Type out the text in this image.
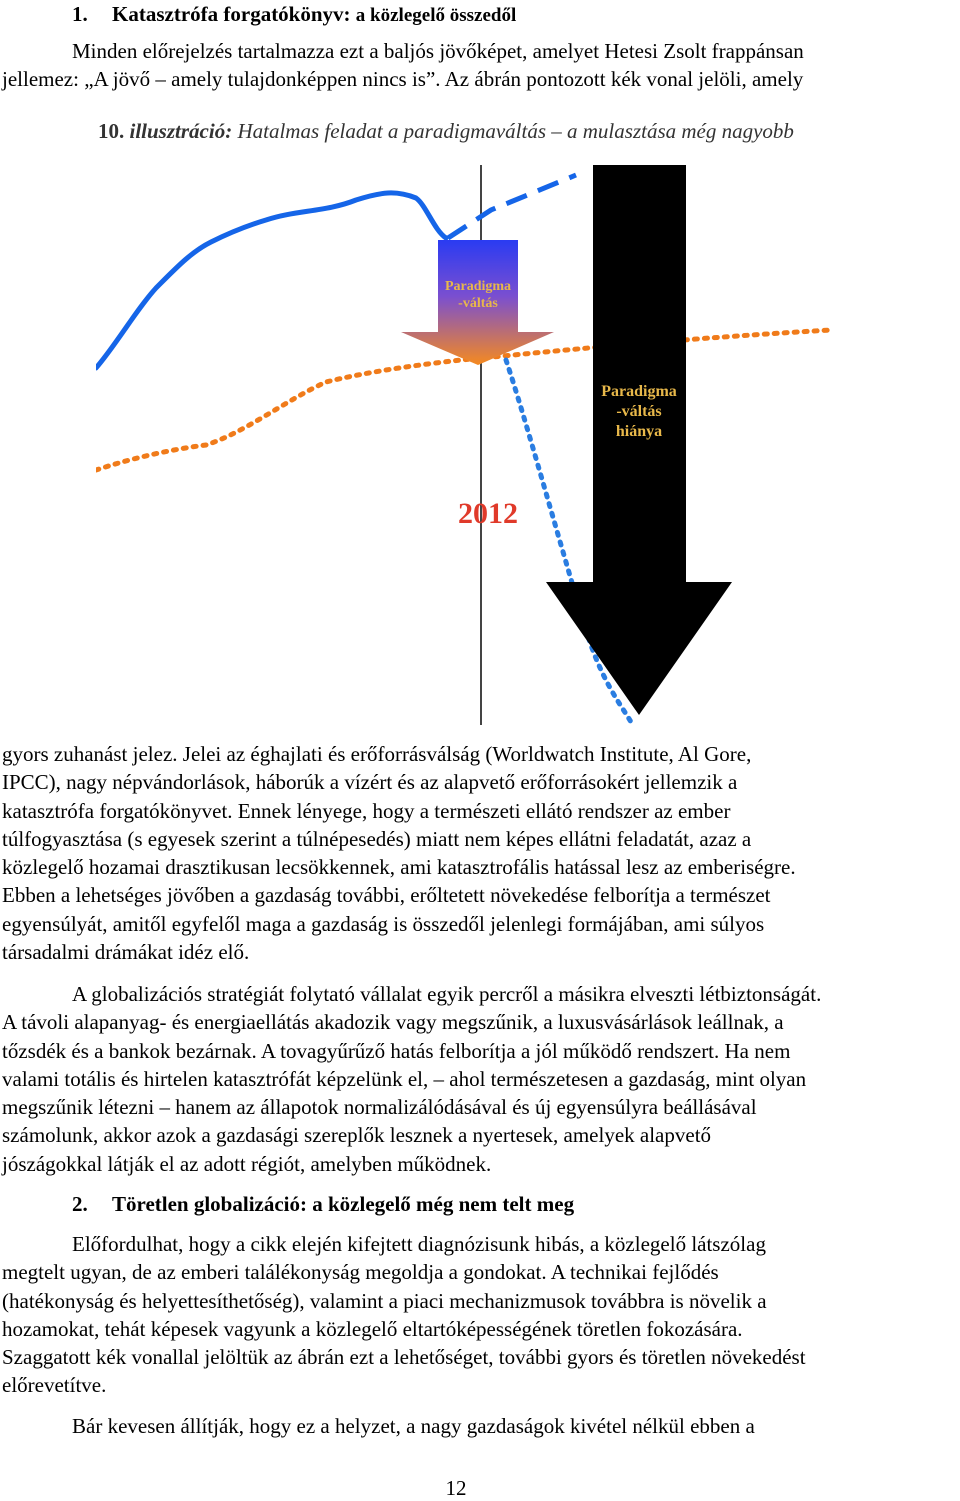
1. Katasztrófa forgatókönyv: a közlegelő összedől
Minden előrejelzés tartalmazza ezt a baljós jövőképet, amelyet Hetesi Zsolt frappánsan
jellemez: „A jövő – amely tulajdonképpen nincs is”. Az ábrán pontozott kék vonal jelöli, amely
10. illusztráció: Hatalmas feladat a paradigmaváltás – a mulasztása még nagyobb
Paradigma
-váltás
Paradigma
-váltás
hiánya
2012
gyors zuhanást jelez. Jelei az éghajlati és erőforrásválság (Worldwatch Institute, Al Gore,
IPCC), nagy népvándorlások, háborúk a vízért és az alapvető erőforrásokért jellemzik a
katasztrófa forgatókönyvet. Ennek lényege, hogy a természeti ellátó rendszer az ember
túlfogyasztása (s egyesek szerint a túlnépesedés) miatt nem képes ellátni feladatát, azaz a
közlegelő hozamai drasztikusan lecsökkennek, ami katasztrofális hatással lesz az emberiségre.
Ebben a lehetséges jövőben a gazdaság további, erőltetett növekedése felborítja a természet
egyensúlyát, amitől egyfelől maga a gazdaság is összedől jelenlegi formájában, ami súlyos
társadalmi drámákat idéz elő.
A globalizációs stratégiát folytató vállalat egyik percről a másikra elveszti létbiztonságát.
A távoli alapanyag- és energiaellátás akadozik vagy megszűnik, a luxusvásárlások leállnak, a
tőzsdék és a bankok bezárnak. A tovagyűrűző hatás felborítja a jól működő rendszert. Ha nem
valami totális és hirtelen katasztrófát képzelünk el, – ahol természetesen a gazdaság, mint olyan
megszűnik létezni – hanem az állapotok normalizálódásával és új egyensúlyra beállásával
számolunk, akkor azok a gazdasági szereplők lesznek a nyertesek, amelyek alapvető
jószágokkal látják el az adott régiót, amelyben működnek.
2. Töretlen globalizáció: a közlegelő még nem telt meg
Előfordulhat, hogy a cikk elején kifejtett diagnózisunk hibás, a közlegelő látszólag
megtelt ugyan, de az emberi találékonyság megoldja a gondokat. A technikai fejlődés
(hatékonyság és helyettesíthetőség), valamint a piaci mechanizmusok továbbra is növelik a
hozamokat, tehát képesek vagyunk a közlegelő eltartóképességének töretlen fokozására.
Szaggatott kék vonallal jelöltük az ábrán ezt a lehetőséget, további gyors és töretlen növekedést
előrevetítve.
Bár kevesen állítják, hogy ez a helyzet, a nagy gazdaságok kivétel nélkül ebben a
12
